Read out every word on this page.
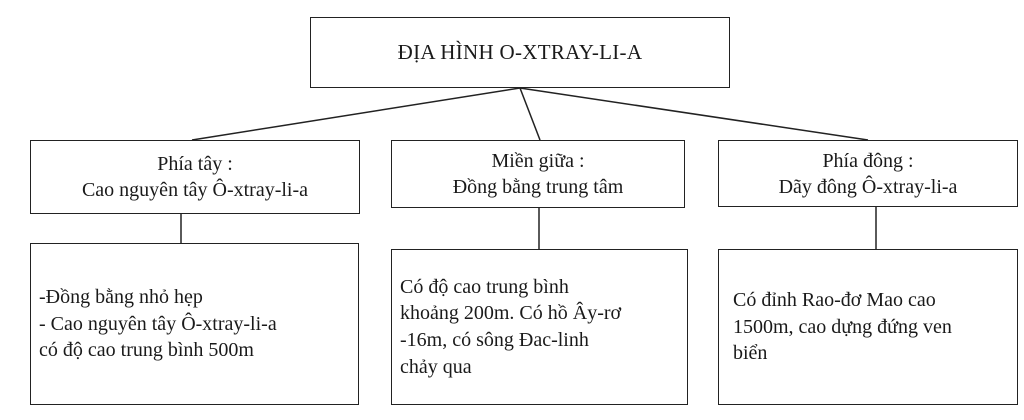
ĐỊA HÌNH O-XTRAY-LI-A
Phía tây :
Cao nguyên tây Ô-xtray-li-a
Miền giữa :
Đồng bằng trung tâm
Phía đông :
Dãy đông Ô-xtray-li-a
-Đồng bằng nhỏ hẹp
- Cao nguyên tây Ô-xtray-li-a
có độ cao trung bình 500m
Có độ cao trung bình
khoảng 200m. Có hồ Ây-rơ
-16m, có sông Đac-linh
chảy qua
Có đỉnh Rao-đơ Mao cao
1500m, cao dựng đứng ven
biển
